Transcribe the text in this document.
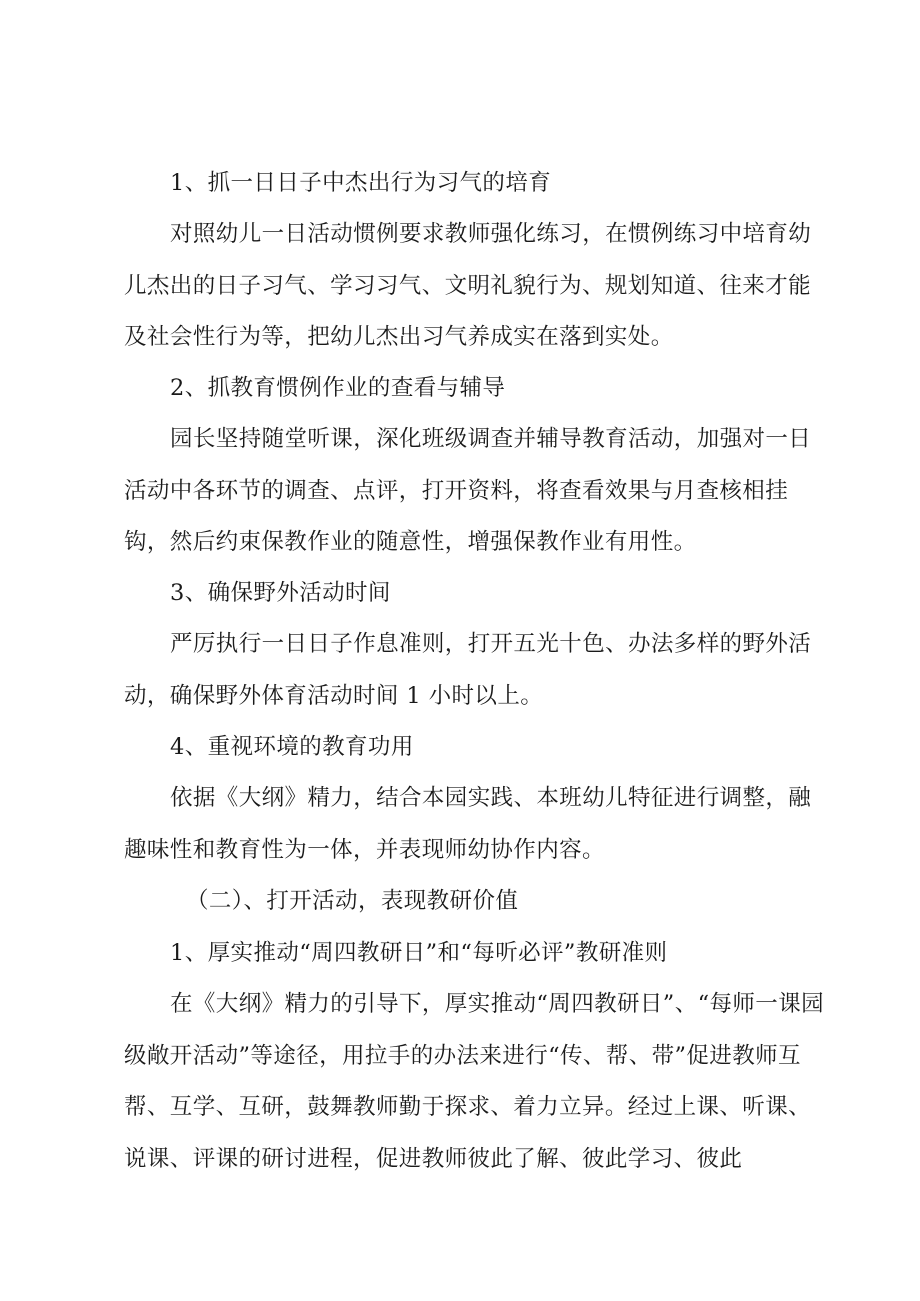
1、抓一日日子中杰出行为习气的培育

对照幼儿一日活动惯例要求教师强化练习，在惯例练习中培育幼儿杰出的日子习气、学习习气、文明礼貌行为、规划知道、往来才能及社会性行为等，把幼儿杰出习气养成实在落到实处。

2、抓教育惯例作业的查看与辅导

园长坚持随堂听课，深化班级调查并辅导教育活动，加强对一日活动中各环节的调查、点评，打开资料，将查看效果与月查核相挂钩，然后约束保教作业的随意性，增强保教作业有用性。

3、确保野外活动时间

严厉执行一日日子作息准则，打开五光十色、办法多样的野外活动，确保野外体育活动时间 1 小时以上。

4、重视环境的教育功用

依据《大纲》精力，结合本园实践、本班幼儿特征进行调整，融趣味性和教育性为一体，并表现师幼协作内容。

（二）、打开活动，表现教研价值

1、厚实推动“周四教研日”和“每听必评”教研准则

在《大纲》精力的引导下，厚实推动“周四教研日”、“每师一课园级敞开活动”等途径，用拉手的办法来进行“传、帮、带”促进教师互帮、互学、互研，鼓舞教师勤于探求、着力立异。经过上课、听课、说课、评课的研讨进程，促进教师彼此了解、彼此学习、彼此
